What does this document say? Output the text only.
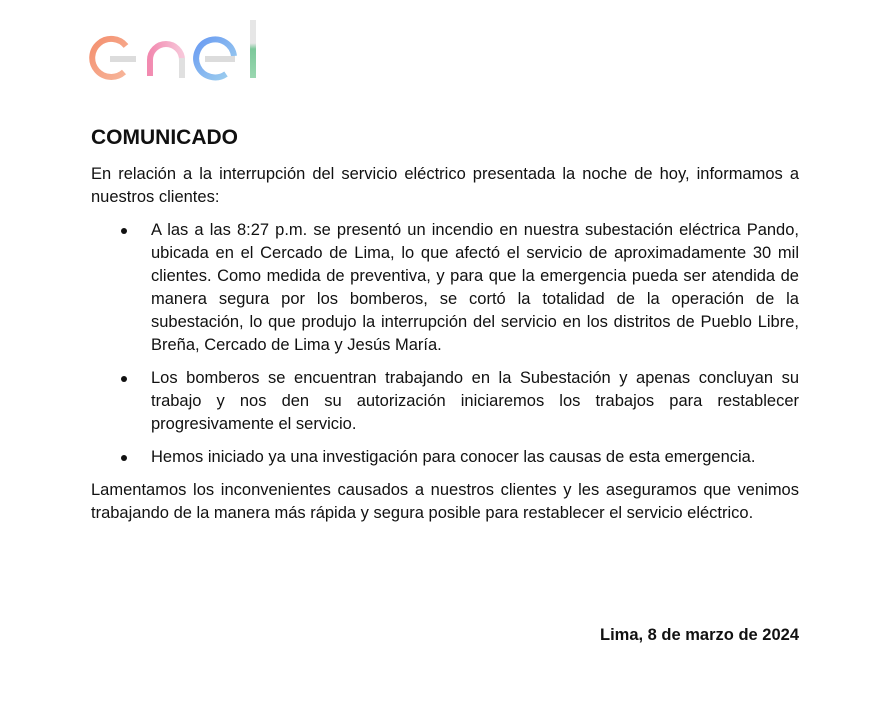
COMUNICADO

En relación a la interrupción del servicio eléctrico presentada la noche de hoy, informamos a nuestros clientes:

A las a las 8:27 p.m. se presentó un incendio en nuestra subestación eléctrica Pando, ubicada en el Cercado de Lima, lo que afectó el servicio de aproximadamente 30 mil clientes. Como medida de preventiva, y para que la emergencia pueda ser atendida de manera segura por los bomberos, se cortó la totalidad de la operación de la subestación, lo que produjo la interrupción del servicio en los distritos de Pueblo Libre, Breña, Cercado de Lima y Jesús María.
Los bomberos se encuentran trabajando en la Subestación y apenas concluyan su trabajo y nos den su autorización iniciaremos los trabajos para restablecer progresivamente el servicio.
Hemos iniciado ya una investigación para conocer las causas de esta emergencia.

Lamentamos los inconvenientes causados a nuestros clientes y les aseguramos que venimos trabajando de la manera más rápida y segura posible para restablecer el servicio eléctrico.

Lima, 8 de marzo de 2024
